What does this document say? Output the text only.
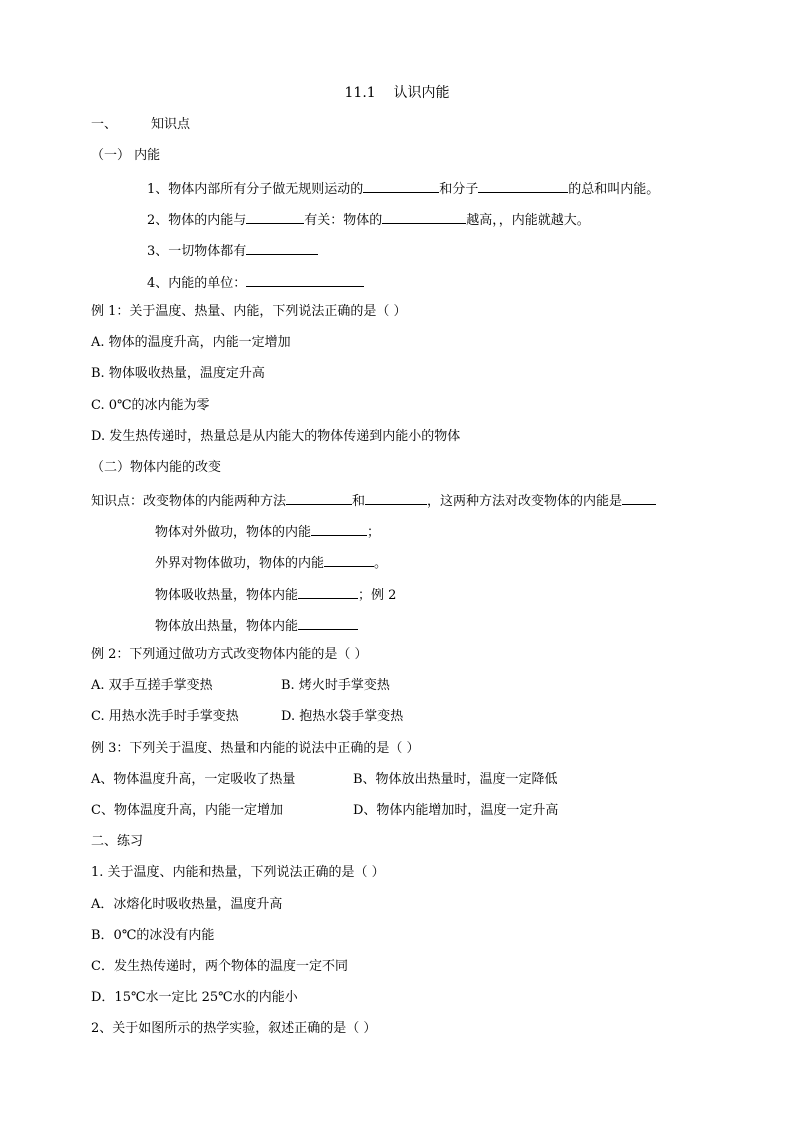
11.1    认识内能
一、	知识点
（一） 内能
1、物体内部所有分子做无规则运动的	和分子	的总和叫内能。
2、物体的内能与	有关：物体的	越高，，内能就越大。
3、一切物体都有
4、内能的单位：
例 1：关于温度、热量、内能，下列说法正确的是（ ）
A. 物体的温度升高，内能一定增加
B. 物体吸收热量，温度定升高
C. 0℃的冰内能为零
D. 发生热传递时，热量总是从内能大的物体传递到内能小的物体
（二）物体内能的改变
知识点：改变物体的内能两种方法	和	，这两种方法对改变物体的内能是
物体对外做功，物体的内能	；
外界对物体做功，物体的内能	。
物体吸收热量，物体内能	；例 2
物体放出热量，物体内能
例 2：下列通过做功方式改变物体内能的是（ ）
A. 双手互搓手掌变热	B. 烤火时手掌变热
C. 用热水洗手时手掌变热	D. 抱热水袋手掌变热
例 3：下列关于温度、热量和内能的说法中正确的是（ ）
A、物体温度升高，一定吸收了热量	B、物体放出热量时，温度一定降低
C、物体温度升高，内能一定增加	D、物体内能增加时，温度一定升高
二、练习
1. 关于温度、内能和热量，下列说法正确的是（ ）
A．冰熔化时吸收热量，温度升高
B．0℃的冰没有内能
C．发生热传递时，两个物体的温度一定不同
D．15℃水一定比 25℃水的内能小
2、关于如图所示的热学实验，叙述正确的是（ ）
